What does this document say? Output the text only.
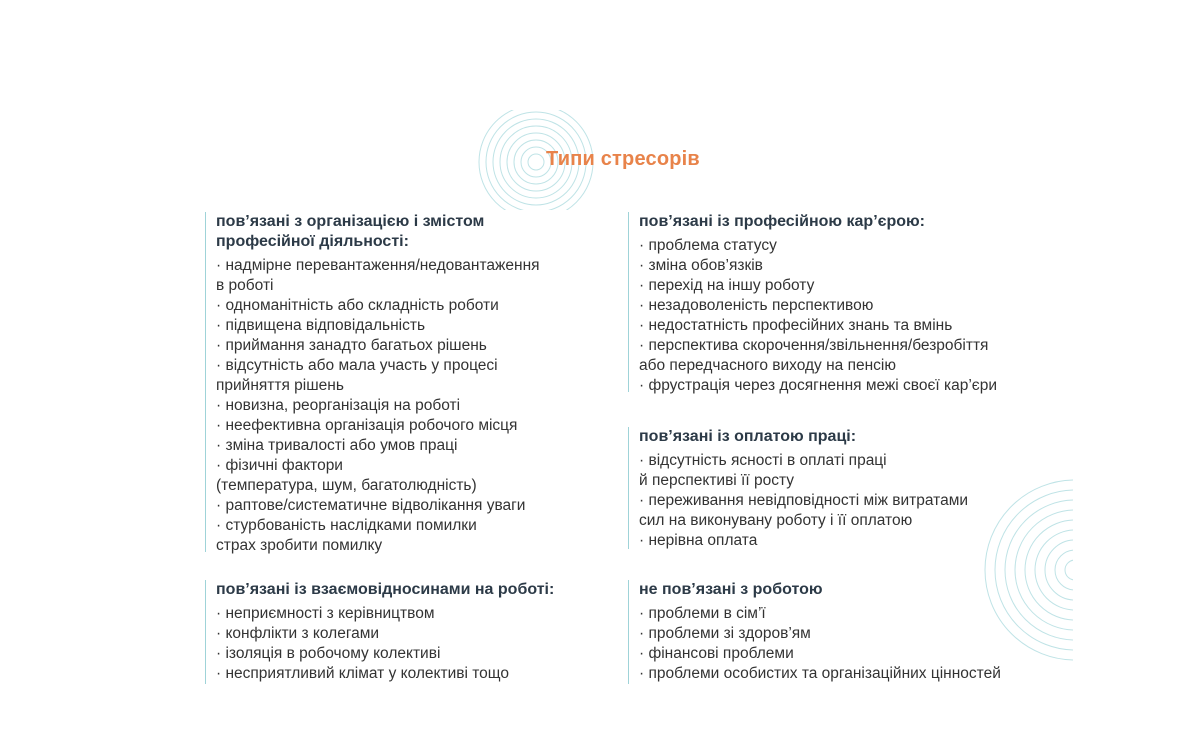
Типи стресорів
пов’язані з організацією і змістом
професійної діяльності:
· надмірне перевантаження/недовантаження
в роботі
· одноманітність або складність роботи
· підвищена відповідальність
· приймання занадто багатьох рішень
· відсутність або мала участь у процесі
прийняття рішень
· новизна, реорганізація на роботі
· неефективна організація робочого місця
· зміна тривалості або умов праці
· фізичні фактори
(температура, шум, багатолюдність)
· раптове/систематичне відволікання уваги
· стурбованість наслідками помилки
страх зробити помилку
пов’язані із взаємовідносинами на роботі:
· неприємності з керівництвом
· конфлікти з колегами
· ізоляція в робочому колективі
· несприятливий клімат у колективі тощо
пов’язані із професійною кар’єрою:
· проблема статусу
· зміна обов’язків
· перехід на іншу роботу
· незадоволеність перспективою
· недостатність професійних знань та вмінь
· перспектива скорочення/звільнення/безробіття
або передчасного виходу на пенсію
· фрустрація через досягнення межі своєї кар’єри
пов’язані із оплатою праці:
· відсутність ясності в оплаті праці
й перспективі її росту
· переживання невідповідності між витратами
сил на виконувану роботу і її оплатою
· нерівна оплата
не пов’язані з роботою
· проблеми в сім’ї
· проблеми зі здоров’ям
· фінансові проблеми
· проблеми особистих та організаційних цінностей
